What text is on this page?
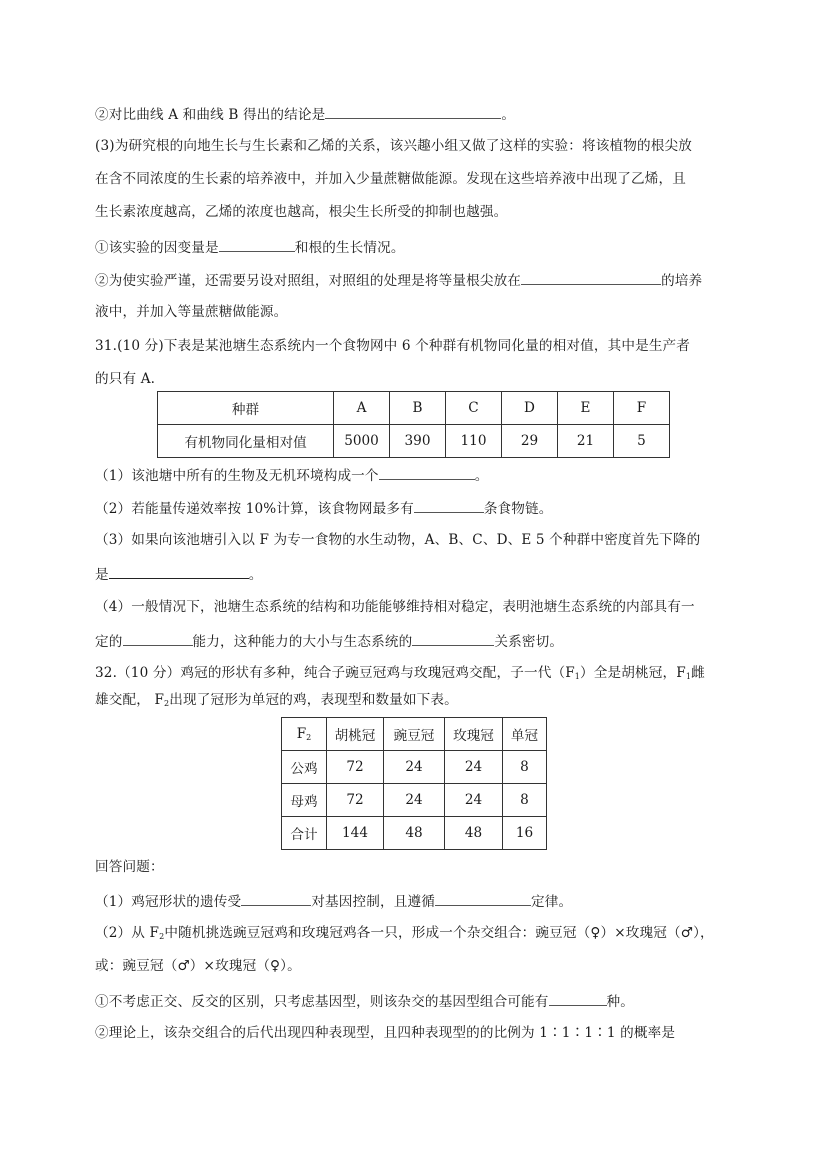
②对比曲线 A 和曲线 B 得出的结论是	。
(3)为研究根的向地生长与生长素和乙烯的关系，该兴趣小组又做了这样的实验：将该植物的根尖放
在含不同浓度的生长素的培养液中，并加入少量蔗糖做能源。发现在这些培养液中出现了乙烯，且
生长素浓度越高，乙烯的浓度也越高，根尖生长所受的抑制也越强。
①该实验的因变量是	和根的生长情况。
②为使实验严谨，还需要另设对照组，对照组的处理是将等量根尖放在	的培养
液中，并加入等量蔗糖做能源。
31.(10 分)下表是某池塘生态系统内一个食物网中 6 个种群有机物同化量的相对值，其中是生产者
的只有 A.
种群	A	B	C	D	E	F
有机物同化量相对值	5000	390	110	29	21	5
（1）该池塘中所有的生物及无机环境构成一个	。
（2）若能量传递效率按 10%计算，该食物网最多有	条食物链。
（3）如果向该池塘引入以 F 为专一食物的水生动物，A、B、C、D、E 5 个种群中密度首先下降的
是	。
（4）一般情况下，池塘生态系统的结构和功能能够维持相对稳定，表明池塘生态系统的内部具有一
定的	能力，这种能力的大小与生态系统的	关系密切。
32.（10 分）鸡冠的形状有多种，纯合子豌豆冠鸡与玫瑰冠鸡交配，子一代$(F_1)$全是胡桃冠，$F_1$雌
雄交配， $F_2$出现了冠形为单冠的鸡，表现型和数量如下表。
$F_2$	胡桃冠	豌豆冠	玫瑰冠	单冠
公鸡	72	24	24	8
母鸡	72	24	24	8
合计	144	48	48	16
回答问题：
（1）鸡冠形状的遗传受	对基因控制，且遵循	定律。
（2）从 $F_2$中随机挑选豌豆冠鸡和玫瑰冠鸡各一只，形成一个杂交组合：豌豆冠（♀）×玫瑰冠（♂），
或：豌豆冠（♂）×玫瑰冠（♀）。
①不考虑正交、反交的区别，只考虑基因型，则该杂交的基因型组合可能有	种。
②理论上，该杂交组合的后代出现四种表现型，且四种表现型的的比例为 1∶1∶1∶1 的概率是
